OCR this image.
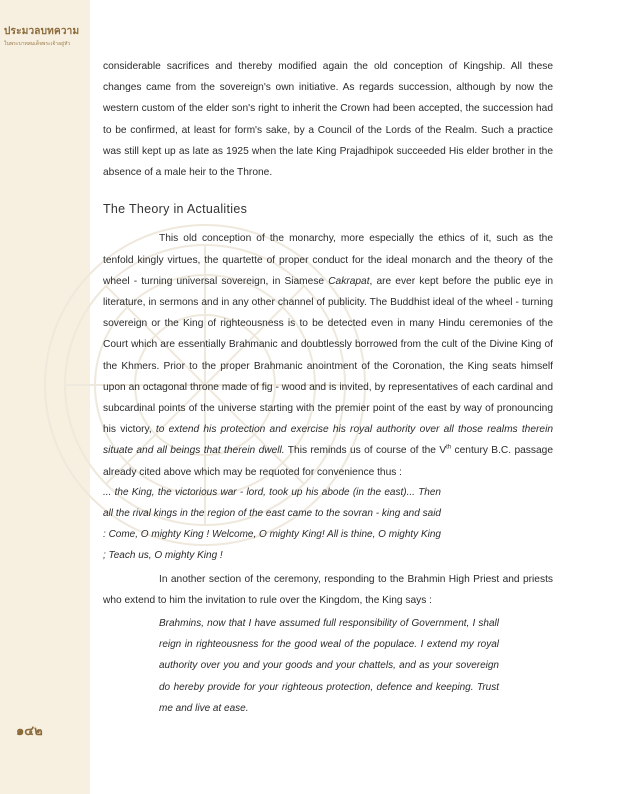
ประมวลบทความ
ในพระบาทสมเด็จพระเจ้าอยู่หัว

considerable sacrifices and thereby modified again the old conception of Kingship. All these changes came from the sovereign's own initiative. As regards succession, although by now the western custom of the elder son's right to inherit the Crown had been accepted, the succession had to be confirmed, at least for form's sake, by a Council of the Lords of the Realm. Such a practice was still kept up as late as 1925 when the late King Prajadhipok succeeded His elder brother in the absence of a male heir to the Throne.

The Theory in Actualities

This old conception of the monarchy, more especially the ethics of it, such as the tenfold kingly virtues, the quartette of proper conduct for the ideal monarch and the theory of the wheel - turning universal sovereign, in Siamese Cakrapat, are ever kept before the public eye in literature, in sermons and in any other channel of publicity. The Buddhist ideal of the wheel - turning sovereign or the King of righteousness is to be detected even in many Hindu ceremonies of the Court which are essentially Brahmanic and doubtlessly borrowed from the cult of the Divine King of the Khmers. Prior to the proper Brahmanic anointment of the Coronation, the King seats himself upon an octagonal throne made of fig - wood and is invited, by representatives of each cardinal and subcardinal points of the universe starting with the premier point of the east by way of pronouncing his victory, to extend his protection and exercise his royal authority over all those realms therein situate and all beings that therein dwell. This reminds us of course of the Vth century B.C. passage already cited above which may be requoted for convenience thus :

... the King, the victorious war - lord, took up his abode (in the east)... Then all the rival kings in the region of the east came to the sovran - king and said : Come, O mighty King ! Welcome, O mighty King! All is thine, O mighty King ; Teach us, O mighty King !

In another section of the ceremony, responding to the Brahmin High Priest and priests who extend to him the invitation to rule over the Kingdom, the King says :

Brahmins, now that I have assumed full responsibility of Government, I shall reign in righteousness for the good weal of the populace. I extend my royal authority over you and your goods and your chattels, and as your sovereign do hereby provide for your righteous protection, defence and keeping. Trust me and live at ease.

๑๔๒
